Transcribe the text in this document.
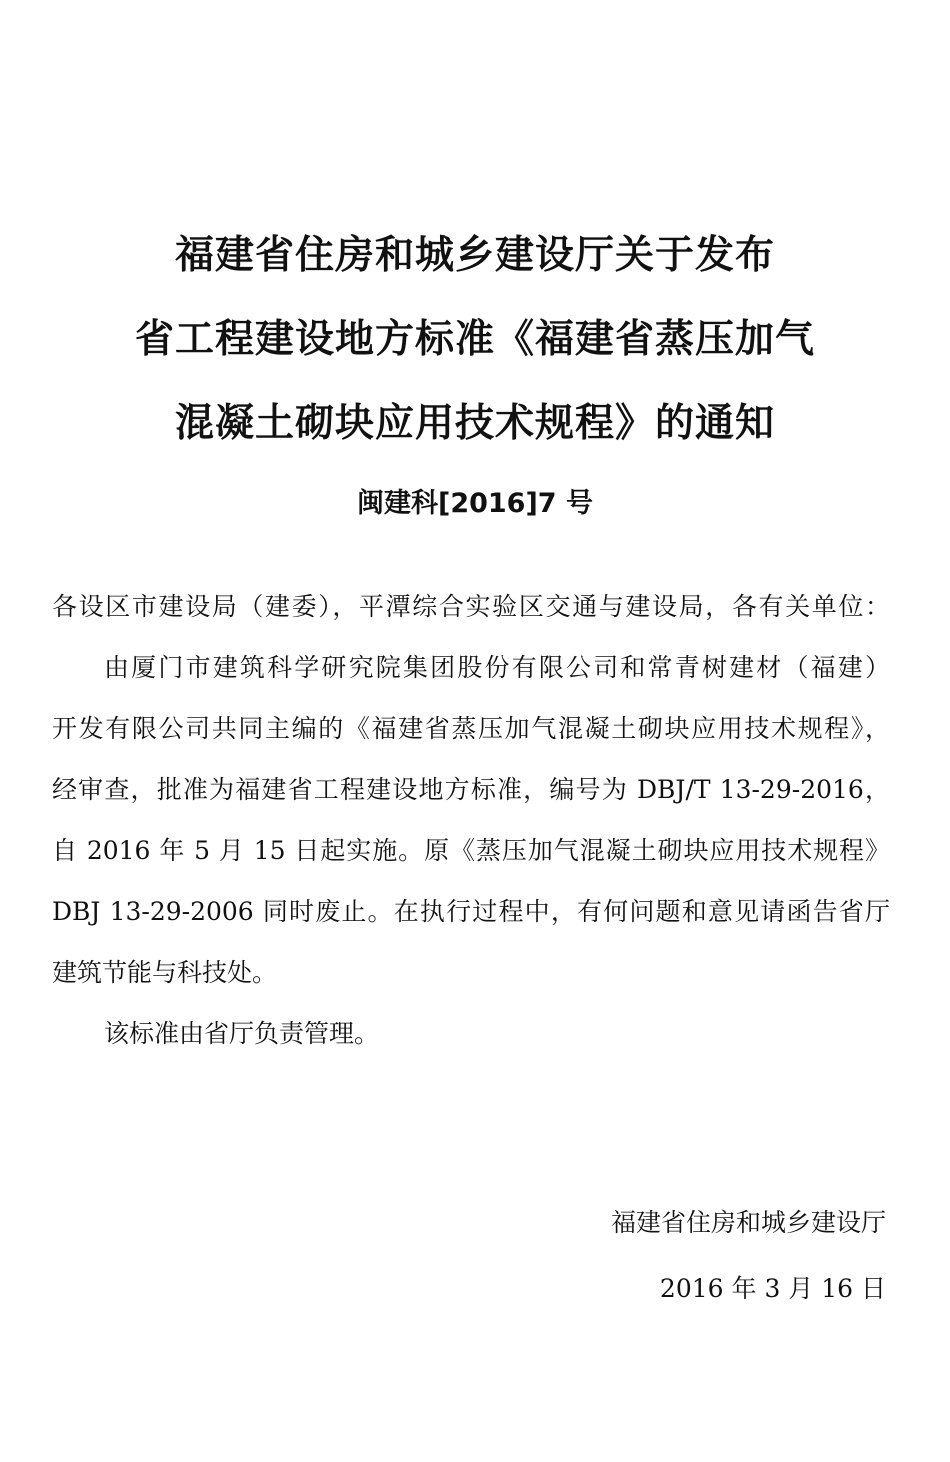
福建省住房和城乡建设厅关于发布
省工程建设地方标准《福建省蒸压加气
混凝土砌块应用技术规程》的通知
闽建科[2016]7 号
各设区市建设局（建委），平潭综合实验区交通与建设局，各有关单位：
由厦门市建筑科学研究院集团股份有限公司和常青树建材（福建）
开发有限公司共同主编的《福建省蒸压加气混凝土砌块应用技术规程》，
经审查，批准为福建省工程建设地方标准，编号为 DBJ/T 13-29-2016，
自 2016 年 5 月 15 日起实施。原《蒸压加气混凝土砌块应用技术规程》
DBJ 13-29-2006 同时废止。在执行过程中，有何问题和意见请函告省厅
建筑节能与科技处。
该标准由省厅负责管理。
福建省住房和城乡建设厅
2016 年 3 月 16 日
